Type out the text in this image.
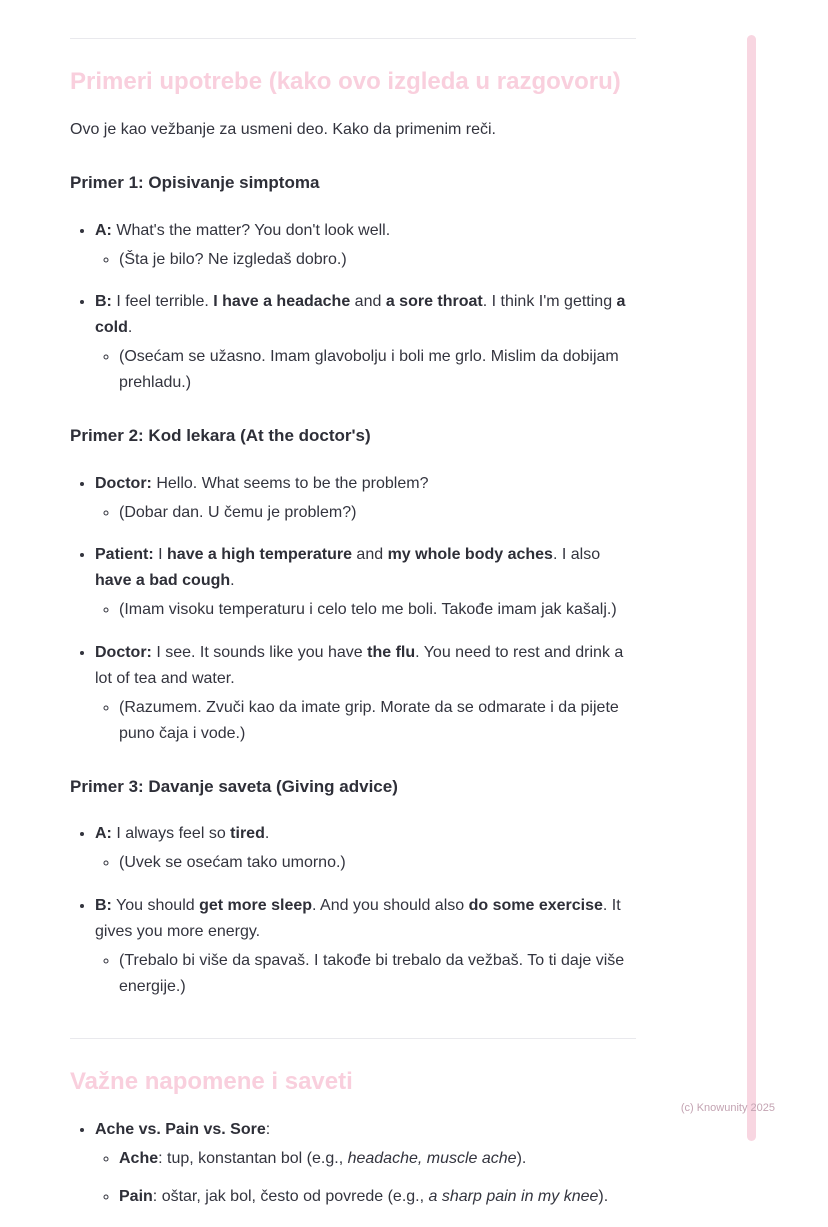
Primeri upotrebe (kako ovo izgleda u razgovoru)

Ovo je kao vežbanje za usmeni deo. Kako da primenim reči.

Primer 1: Opisivanje simptoma
• A: What's the matter? You don't look well.
◦ (Šta je bilo? Ne izgledaš dobro.)
• B: I feel terrible. I have a headache and a sore throat. I think I'm getting a cold.
◦ (Osećam se užasno. Imam glavobolju i boli me grlo. Mislim da dobijam prehladu.)
Primer 2: Kod lekara (At the doctor's)
• Doctor: Hello. What seems to be the problem?
◦ (Dobar dan. U čemu je problem?)
• Patient: I have a high temperature and my whole body aches. I also have a bad cough.
◦ (Imam visoku temperaturu i celo telo me boli. Takođe imam jak kašalj.)
• Doctor: I see. It sounds like you have the flu. You need to rest and drink a lot of tea and water.
◦ (Razumem. Zvuči kao da imate grip. Morate da se odmarate i da pijete puno čaja i vode.)
Primer 3: Davanje saveta (Giving advice)
• A: I always feel so tired.
◦ (Uvek se osećam tako umorno.)
• B: You should get more sleep. And you should also do some exercise. It gives you more energy.
◦ (Trebalo bi više da spavaš. I takođe bi trebalo da vežbaš. To ti daje više energije.)
Važne napomene i saveti
• Ache vs. Pain vs. Sore:
◦ Ache: tup, konstantan bol (e.g., headache, muscle ache).
◦ Pain: oštar, jak bol, često od povrede (e.g., a sharp pain in my knee).
(c) Knowunity 2025
